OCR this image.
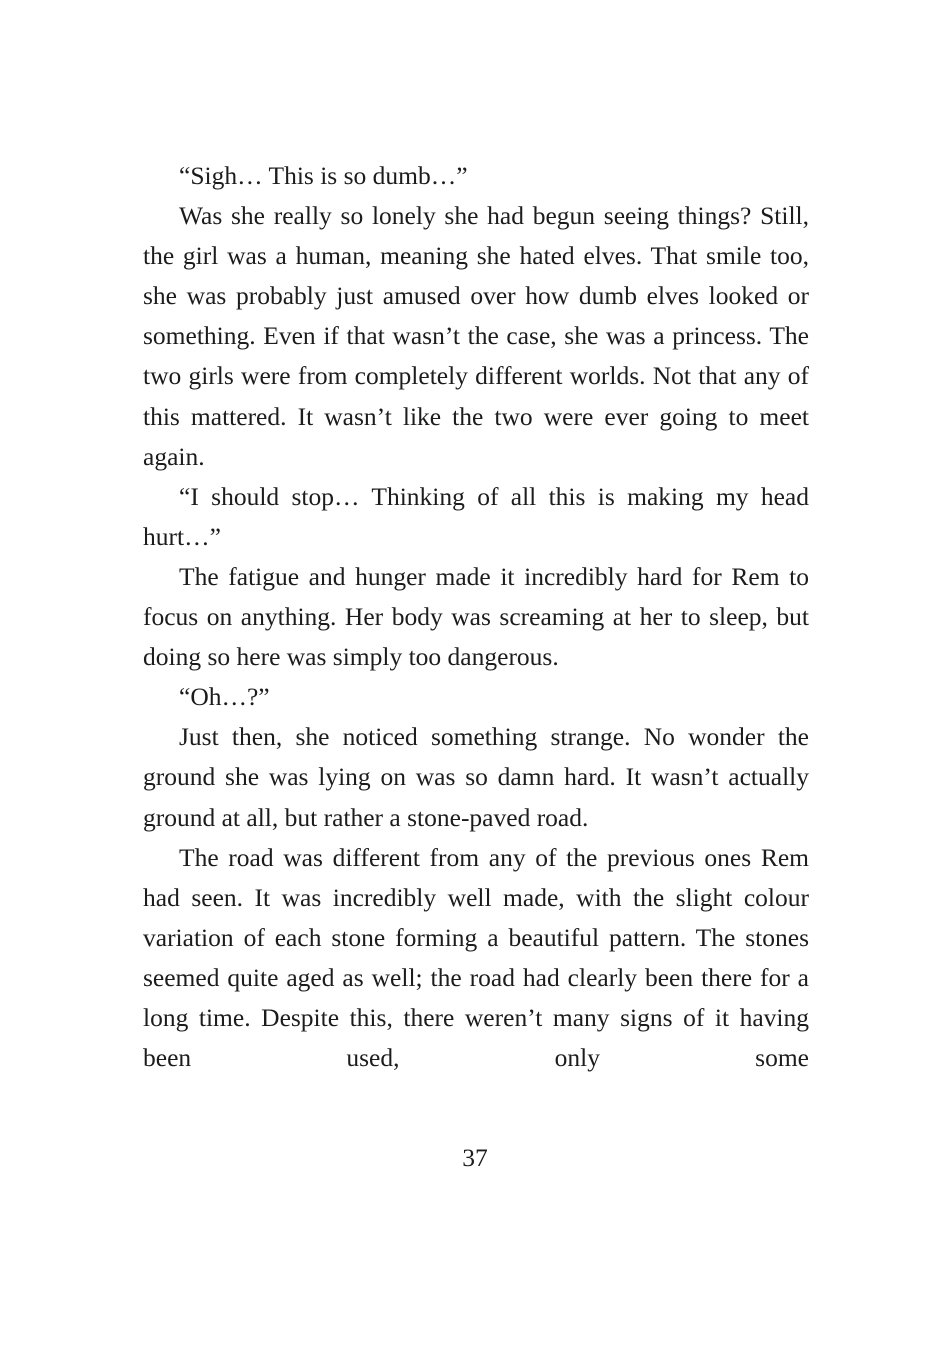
“Sigh… This is so dumb…”

Was she really so lonely she had begun seeing things? Still, the girl was a human, meaning she hated elves. That smile too, she was probably just amused over how dumb elves looked or something. Even if that wasn’t the case, she was a princess. The two girls were from completely different worlds. Not that any of this mattered. It wasn’t like the two were ever going to meet again.

“I should stop… Thinking of all this is making my head hurt…”

The fatigue and hunger made it incredibly hard for Rem to focus on anything. Her body was screaming at her to sleep, but doing so here was simply too dangerous.

“Oh…?”

Just then, she noticed something strange. No wonder the ground she was lying on was so damn hard. It wasn’t actually ground at all, but rather a stone-paved road.

The road was different from any of the previous ones Rem had seen. It was incredibly well made, with the slight colour variation of each stone forming a beautiful pattern. The stones seemed quite aged as well; the road had clearly been there for a long time. Despite this, there weren’t many signs of it having been used, only some

37
